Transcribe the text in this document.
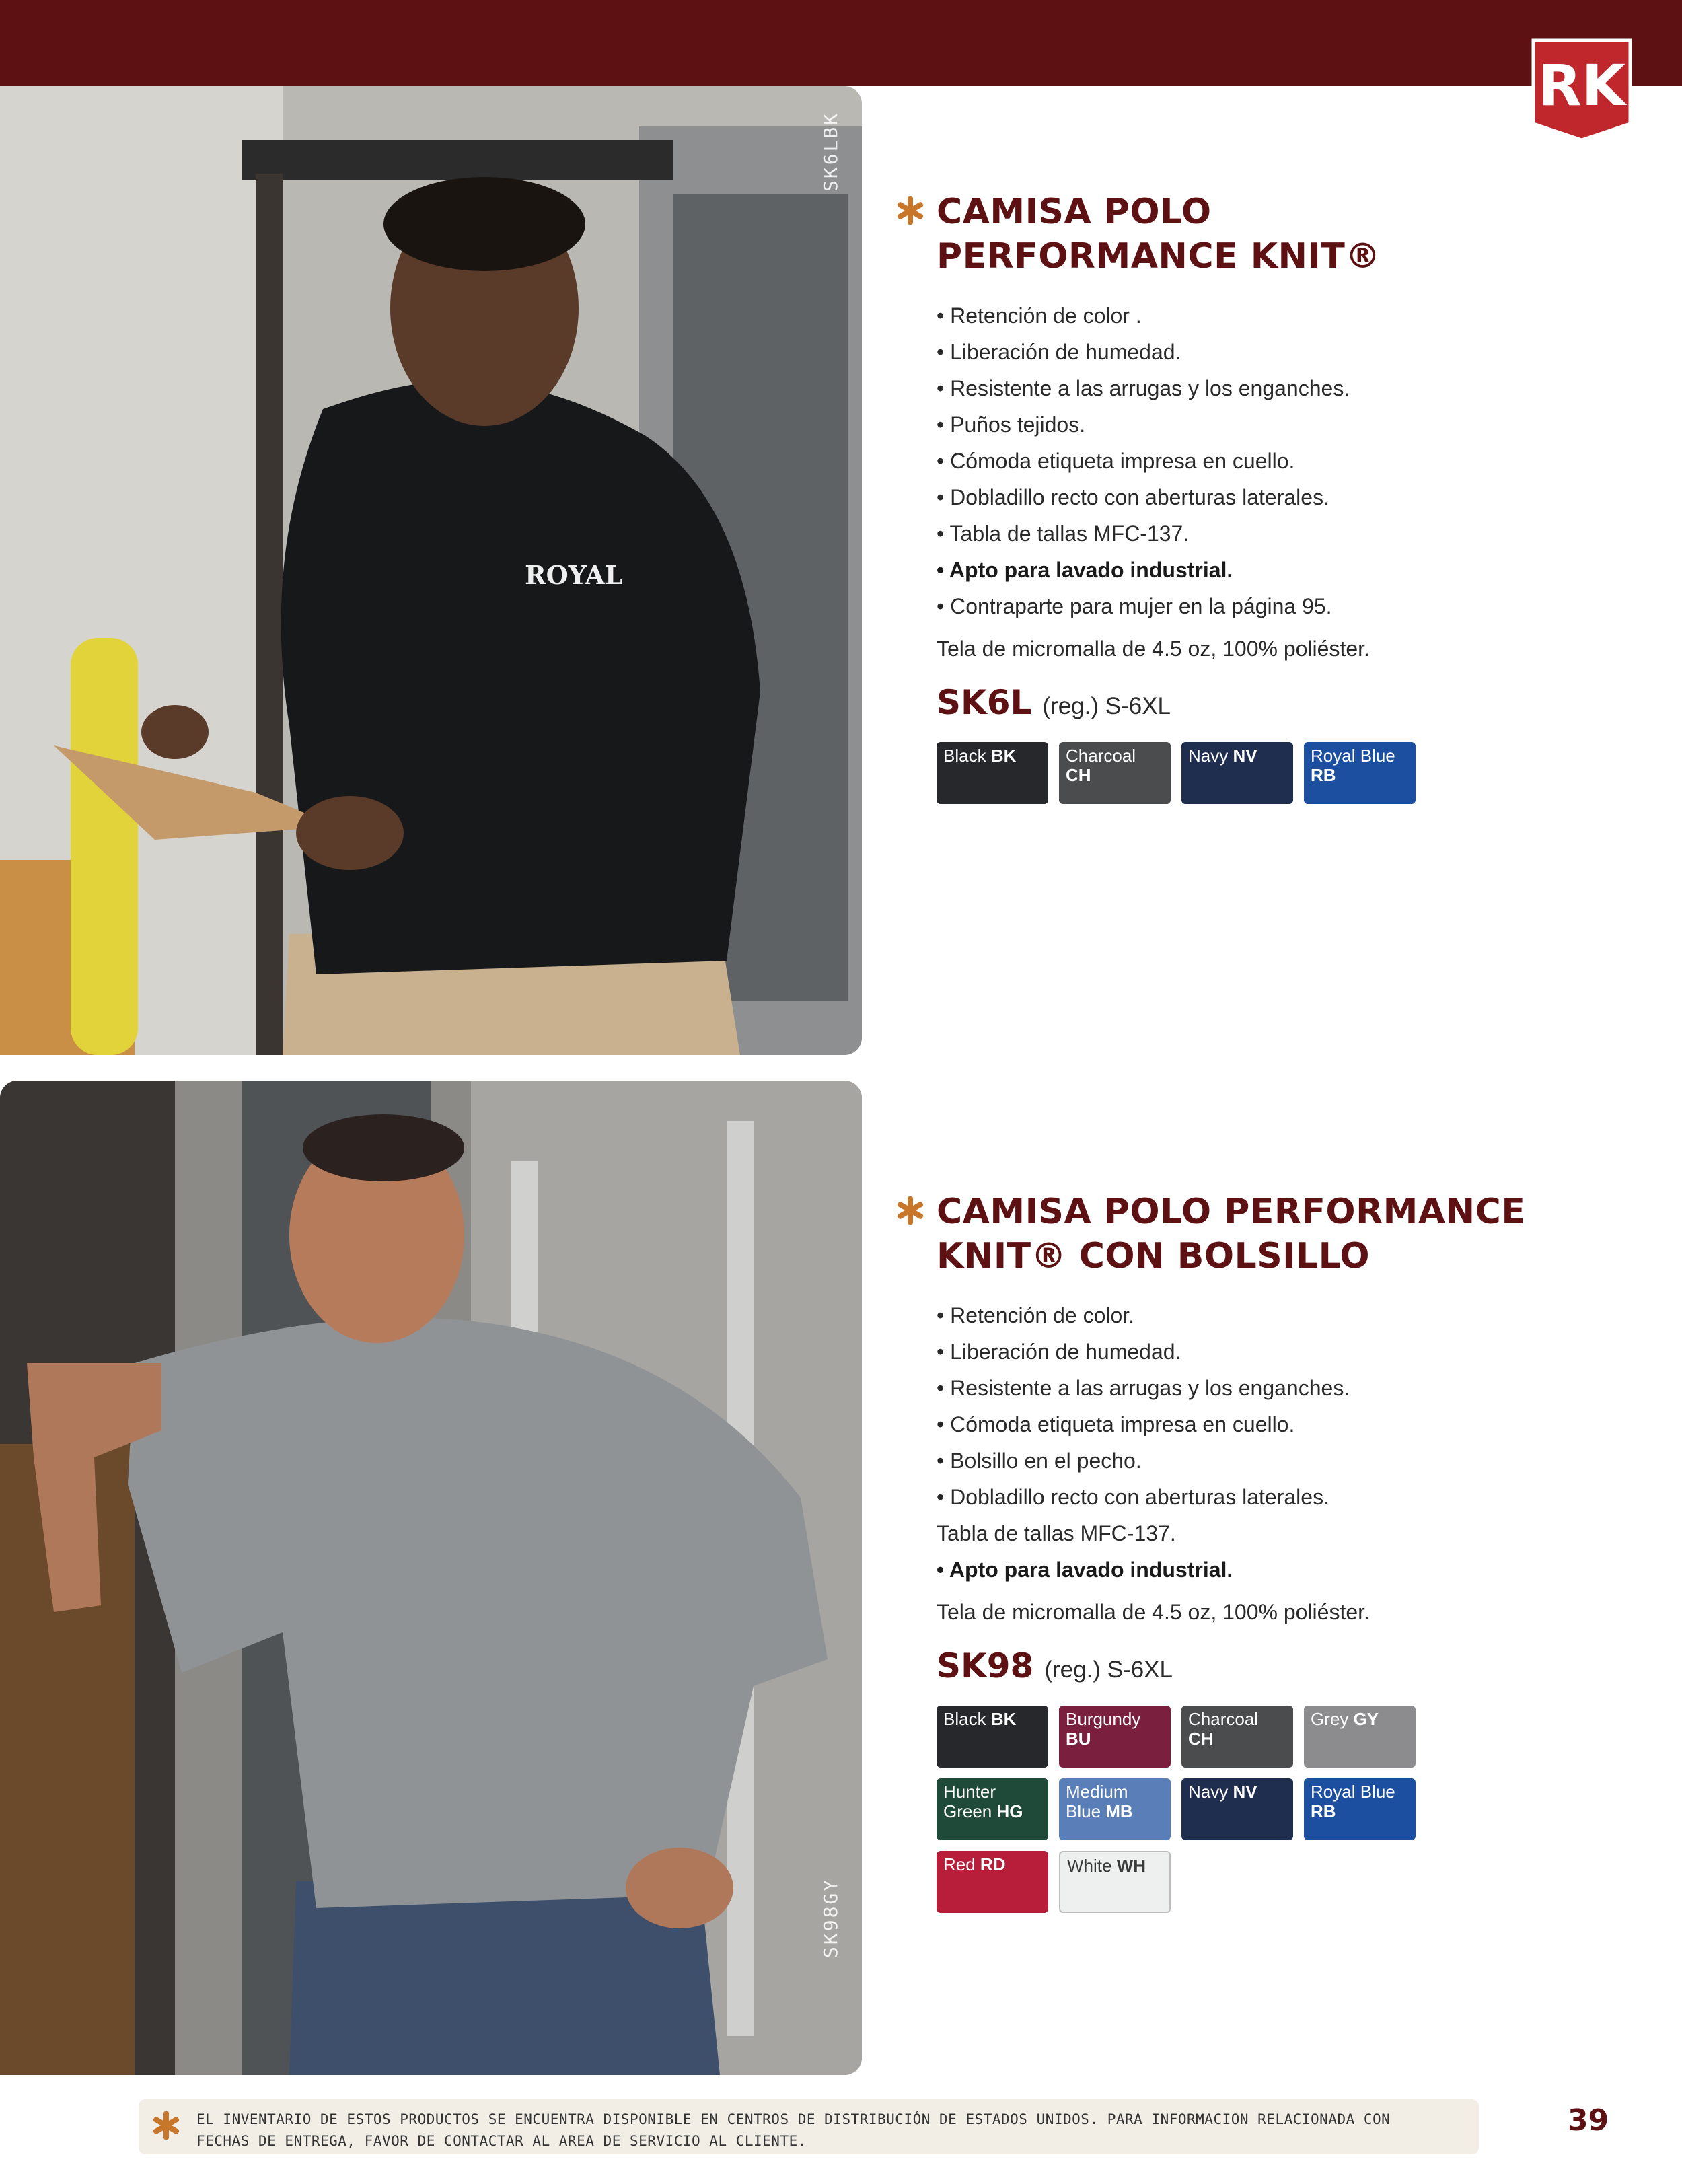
RK
ROYAL
SK6LBK
SK98GY
CAMISA POLO
PERFORMANCE KNIT®
• Retención de color .
• Liberación de humedad.
• Resistente a las arrugas y los enganches.
• Puños tejidos.
• Cómoda etiqueta impresa en cuello.
• Dobladillo recto con aberturas laterales.
• Tabla de tallas MFC-137.
• Apto para lavado industrial.
• Contraparte para mujer en la página 95.

Tela de micromalla de 4.5 oz, 100% poliéster.

SK6L (reg.) S-6XL
Black BK	Charcoal CH
Navy NV	Royal Blue RB
CAMISA POLO PERFORMANCE
KNIT® CON BOLSILLO
• Retención de color.
• Liberación de humedad.
• Resistente a las arrugas y los enganches.
• Cómoda etiqueta impresa en cuello.
• Bolsillo en el pecho.
• Dobladillo recto con aberturas laterales.
Tabla de tallas MFC-137.
• Apto para lavado industrial.

Tela de micromalla de 4.5 oz, 100% poliéster.

SK98 (reg.) S-6XL
Black BK	Burgundy BU
Charcoal CH
Grey GY
Hunter Green HG
Medium Blue MB
Navy NV	Royal Blue RB
Red RD	White WH
EL INVENTARIO DE ESTOS PRODUCTOS SE ENCUENTRA DISPONIBLE EN CENTROS DE DISTRIBUCIÓN DE ESTADOS UNIDOS. PARA INFORMACION RELACIONADA CON
FECHAS DE ENTREGA, FAVOR DE CONTACTAR AL AREA DE SERVICIO AL CLIENTE.
39
